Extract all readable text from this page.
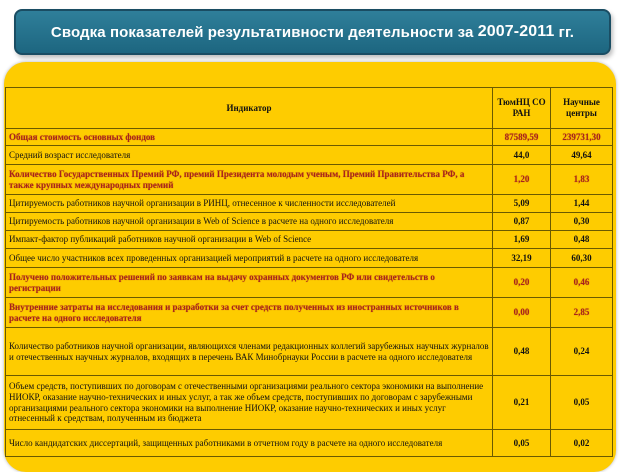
Сводка показателей результативности деятельности за
2007-2011
гг.
Индикатор	ТюмНЦ СО РАН	Научные центры
Общая стоимость основных фондов	87589,59	239731,30
Средний возраст исследователя	44,0	49,64
Количество Государственных Премий РФ, премий Президента молодым ученым, Премий Правительства РФ, а также крупных международных премий	1,20	1,83
Цитируемость работников научной организации в РИНЦ, отнесенное к численности исследователей	5,09	1,44
Цитируемость работников научной организации в Web of Science в расчете на одного исследователя	0,87	0,30
Импакт-фактор публикаций работников научной организации в Web of Science	1,69	0,48
Общее число участников всех проведенных организацией мероприятий в расчете на одного исследователя	32,19	60,30
Получено положительных решений по заявкам на выдачу охранных документов РФ или свидетельств о регистрации	0,20	0,46
Внутренние затраты на исследования и разработки за счет средств полученных из иностранных источников в расчете на одного исследователя	0,00	2,85
Количество работников научной организации, являющихся членами редакционных коллегий зарубежных научных журналов и отечественных научных журналов, входящих в перечень ВАК Минобрнауки России в расчете на одного исследователя	0,48	0,24
Объем средств, поступивших по договорам с отечественными организациями реального сектора экономики на выполнение НИОКР, оказание научно-технических и иных услуг, а так же объем средств, поступивших по договорам с зарубежными организациями реального сектора экономики на выполнение НИОКР, оказание научно-технических и иных услуг отнесенный к средствам, полученным из бюджета	0,21	0,05
Число кандидатских диссертаций, защищенных работниками в отчетном году в расчете на одного исследователя	0,05	0,02
